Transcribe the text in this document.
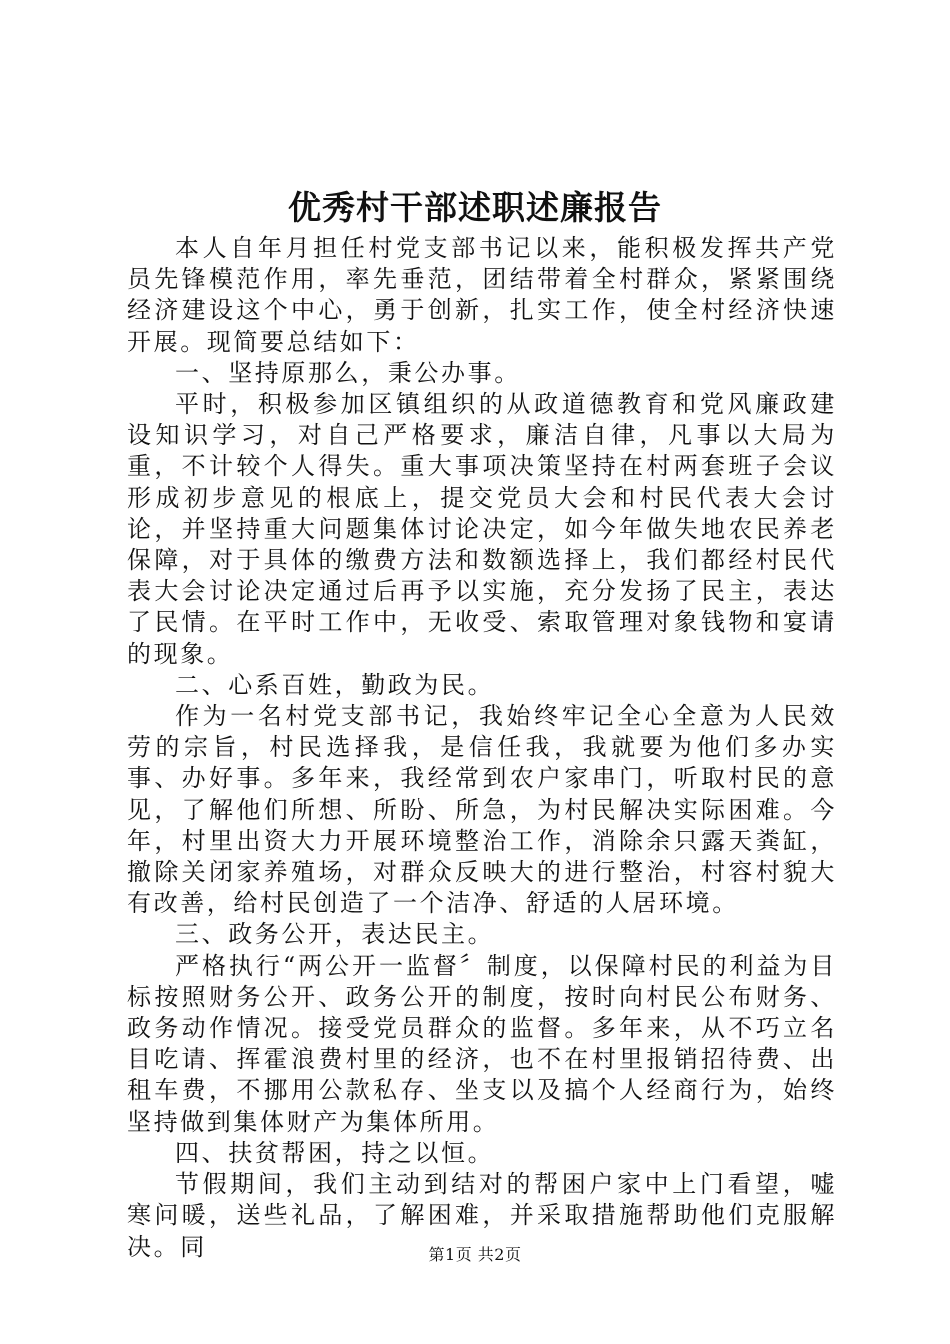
优秀村干部述职述廉报告

本人自年月担任村党支部书记以来，能积极发挥共产党员先锋模范作用，率先垂范，团结带着全村群众，紧紧围绕经济建设这个中心，勇于创新，扎实工作，使全村经济快速开展。现简要总结如下：

一、坚持原那么，秉公办事。

平时，积极参加区镇组织的从政道德教育和党风廉政建设知识学习，对自己严格要求，廉洁自律，凡事以大局为重，不计较个人得失。重大事项决策坚持在村两套班子会议形成初步意见的根底上，提交党员大会和村民代表大会讨论，并坚持重大问题集体讨论决定，如今年做失地农民养老保障，对于具体的缴费方法和数额选择上，我们都经村民代表大会讨论决定通过后再予以实施，充分发扬了民主，表达了民情。在平时工作中，无收受、索取管理对象钱物和宴请的现象。

二、心系百姓，勤政为民。

作为一名村党支部书记，我始终牢记全心全意为人民效劳的宗旨，村民选择我，是信任我，我就要为他们多办实事、办好事。多年来，我经常到农户家串门，听取村民的意见，了解他们所想、所盼、所急，为村民解决实际困难。今年，村里出资大力开展环境整治工作，消除余只露天粪缸，撤除关闭家养殖场，对群众反映大的进行整治，村容村貌大有改善，给村民创造了一个洁净、舒适的人居环境。

三、政务公开，表达民主。

严格执行“两公开一监督〞制度，以保障村民的利益为目标按照财务公开、政务公开的制度，按时向村民公布财务、政务动作情况。接受党员群众的监督。多年来，从不巧立名目吃请、挥霍浪费村里的经济，也不在村里报销招待费、出租车费，不挪用公款私存、坐支以及搞个人经商行为，始终坚持做到集体财产为集体所用。

四、扶贫帮困，持之以恒。

节假期间，我们主动到结对的帮困户家中上门看望，嘘寒问暖，送些礼品，了解困难，并采取措施帮助他们克服解决。同	第1页 共2页
